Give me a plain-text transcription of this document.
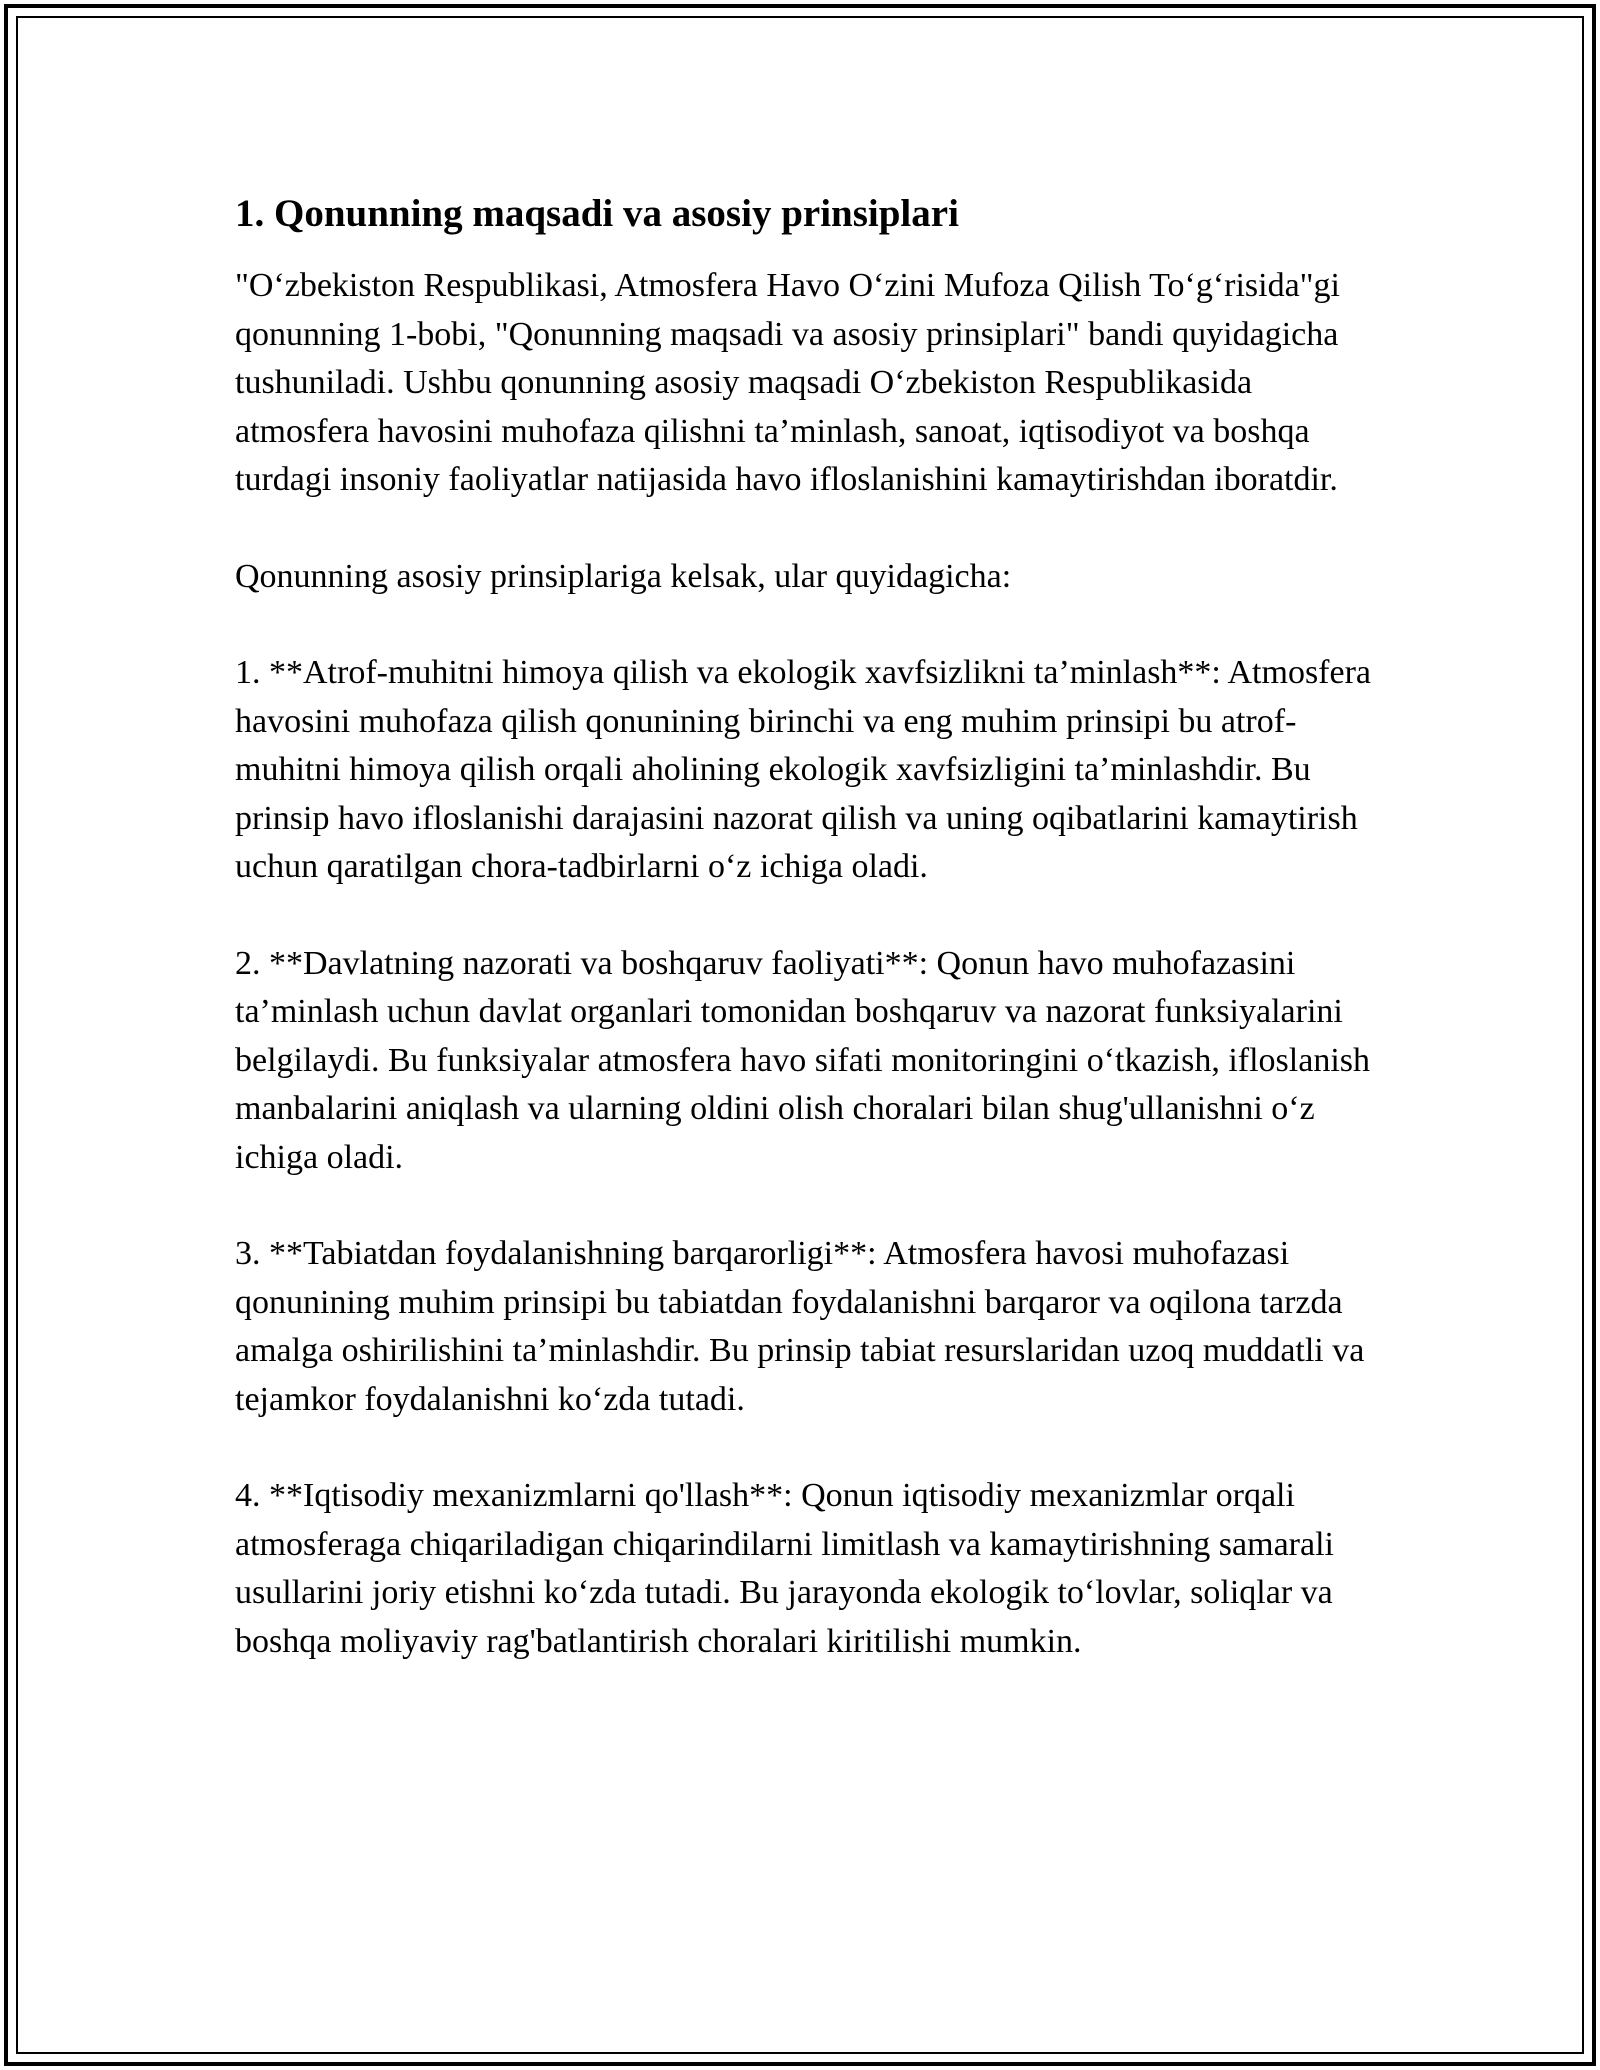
1. Qonunning maqsadi va asosiy prinsiplari

"O‘zbekiston Respublikasi, Atmosfera Havo O‘zini Mufoza Qilish To‘g‘risida"gi qonunning 1-bobi, "Qonunning maqsadi va asosiy prinsiplari" bandi quyidagicha tushuniladi. Ushbu qonunning asosiy maqsadi O‘zbekiston Respublikasida atmosfera havosini muhofaza qilishni ta’minlash, sanoat, iqtisodiyot va boshqa turdagi insoniy faoliyatlar natijasida havo ifloslanishini kamaytirishdan iboratdir.

Qonunning asosiy prinsiplariga kelsak, ular quyidagicha:

1. **Atrof-muhitni himoya qilish va ekologik xavfsizlikni ta’minlash**: Atmosfera havosini muhofaza qilish qonunining birinchi va eng muhim prinsipi bu atrof-muhitni himoya qilish orqali aholining ekologik xavfsizligini ta’minlashdir. Bu prinsip havo ifloslanishi darajasini nazorat qilish va uning oqibatlarini kamaytirish uchun qaratilgan chora-tadbirlarni o‘z ichiga oladi.

2. **Davlatning nazorati va boshqaruv faoliyati**: Qonun havo muhofazasini ta’minlash uchun davlat organlari tomonidan boshqaruv va nazorat funksiyalarini belgilaydi. Bu funksiyalar atmosfera havo sifati monitoringini o‘tkazish, ifloslanish manbalarini aniqlash va ularning oldini olish choralari bilan shug'ullanishni o‘z ichiga oladi.

3. **Tabiatdan foydalanishning barqarorligi**: Atmosfera havosi muhofazasi qonunining muhim prinsipi bu tabiatdan foydalanishni barqaror va oqilona tarzda amalga oshirilishini ta’minlashdir. Bu prinsip tabiat resurslaridan uzoq muddatli va tejamkor foydalanishni ko‘zda tutadi.

4. **Iqtisodiy mexanizmlarni qo'llash**: Qonun iqtisodiy mexanizmlar orqali atmosferaga chiqariladigan chiqarindilarni limitlash va kamaytirishning samarali usullarini joriy etishni ko‘zda tutadi. Bu jarayonda ekologik to‘lovlar, soliqlar va boshqa moliyaviy rag'batlantirish choralari kiritilishi mumkin.
